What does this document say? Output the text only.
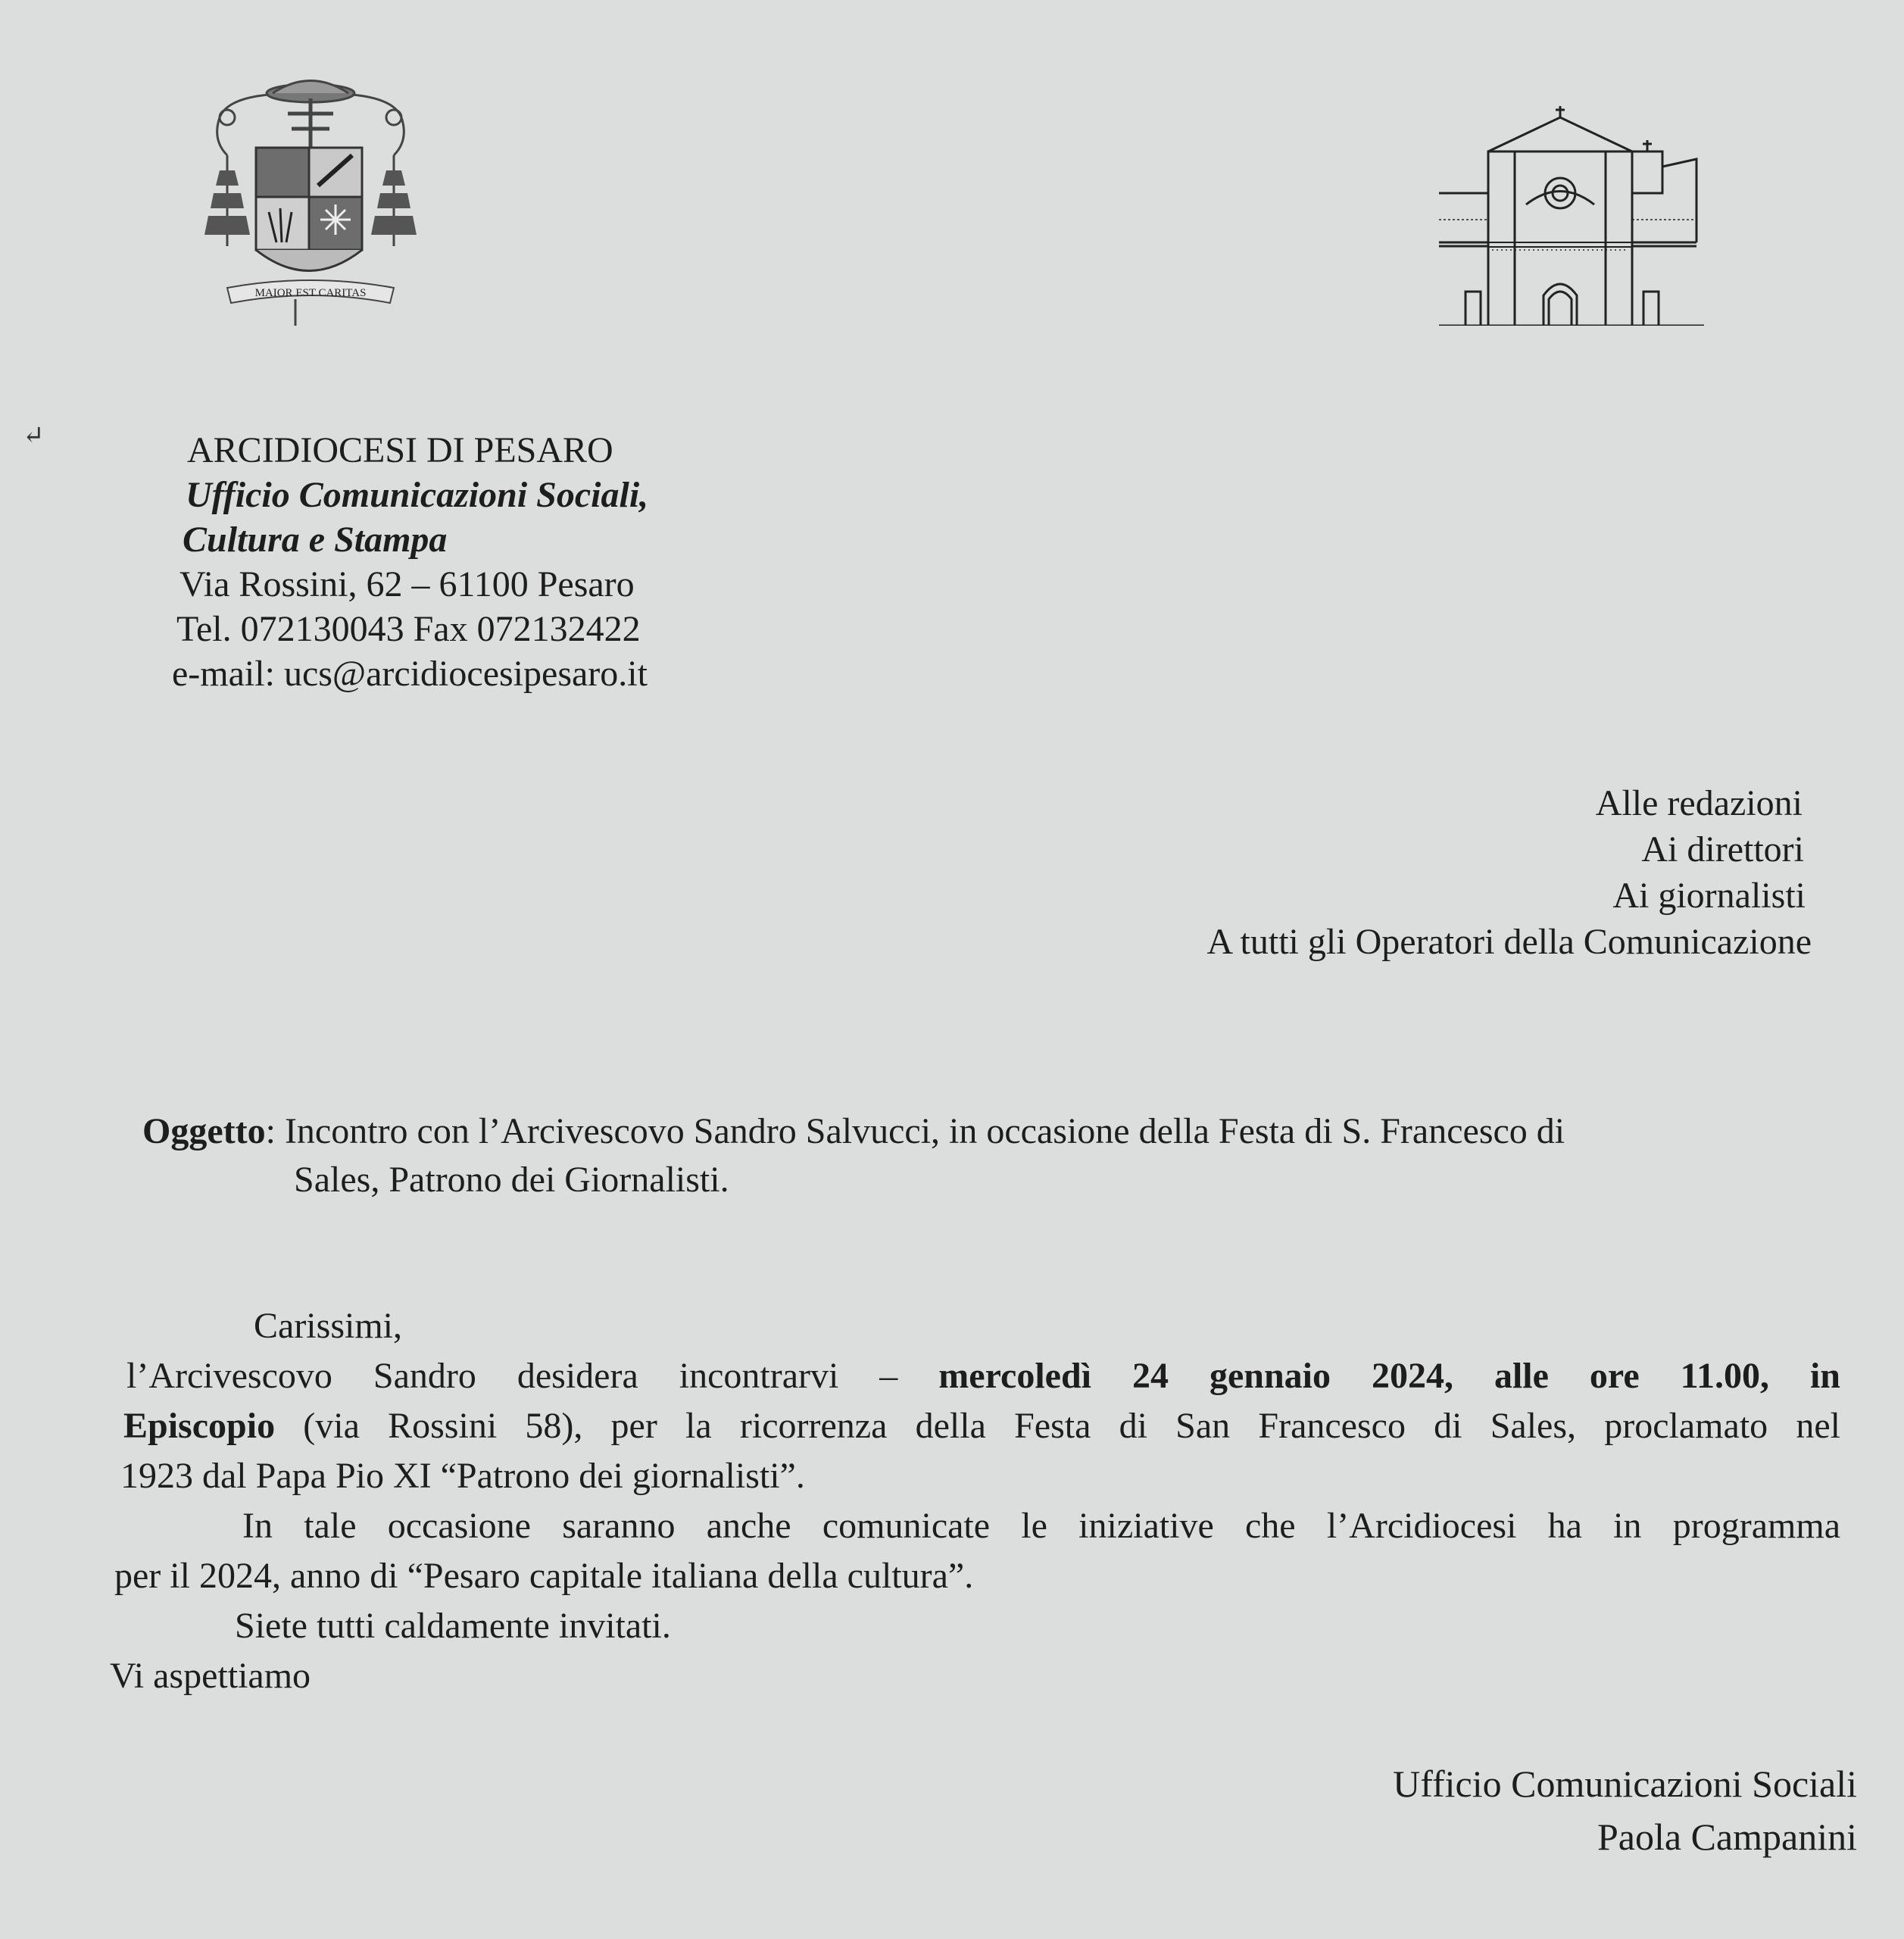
MAIOR EST CARITAS
↵	ARCIDIOCESI DI PESARO
Ufficio Comunicazioni Sociali,
Cultura e Stampa
Via Rossini, 62 – 61100 Pesaro
Tel. 072130043 Fax 072132422
e-mail: ucs@arcidiocesipesaro.it
Alle redazioni
Ai direttori
Ai giornalisti
A tutti gli Operatori della Comunicazione
Oggetto: Incontro con l’Arcivescovo Sandro Salvucci, in occasione della Festa di S. Francesco di
Sales, Patrono dei Giornalisti.

Carissimi,

l’Arcivescovo Sandro desidera incontrarvi – mercoledì 24 gennaio 2024, alle ore 11.00, in

Episcopio (via Rossini 58), per la ricorrenza della Festa di San Francesco di Sales, proclamato nel

1923 dal Papa Pio XI “Patrono dei giornalisti”.

In tale occasione saranno anche comunicate le iniziative che l’Arcidiocesi ha in programma

per il 2024, anno di “Pesaro capitale italiana della cultura”.

Siete tutti caldamente invitati.

Vi aspettiamo

Ufficio Comunicazioni Sociali
Paola Campanini
